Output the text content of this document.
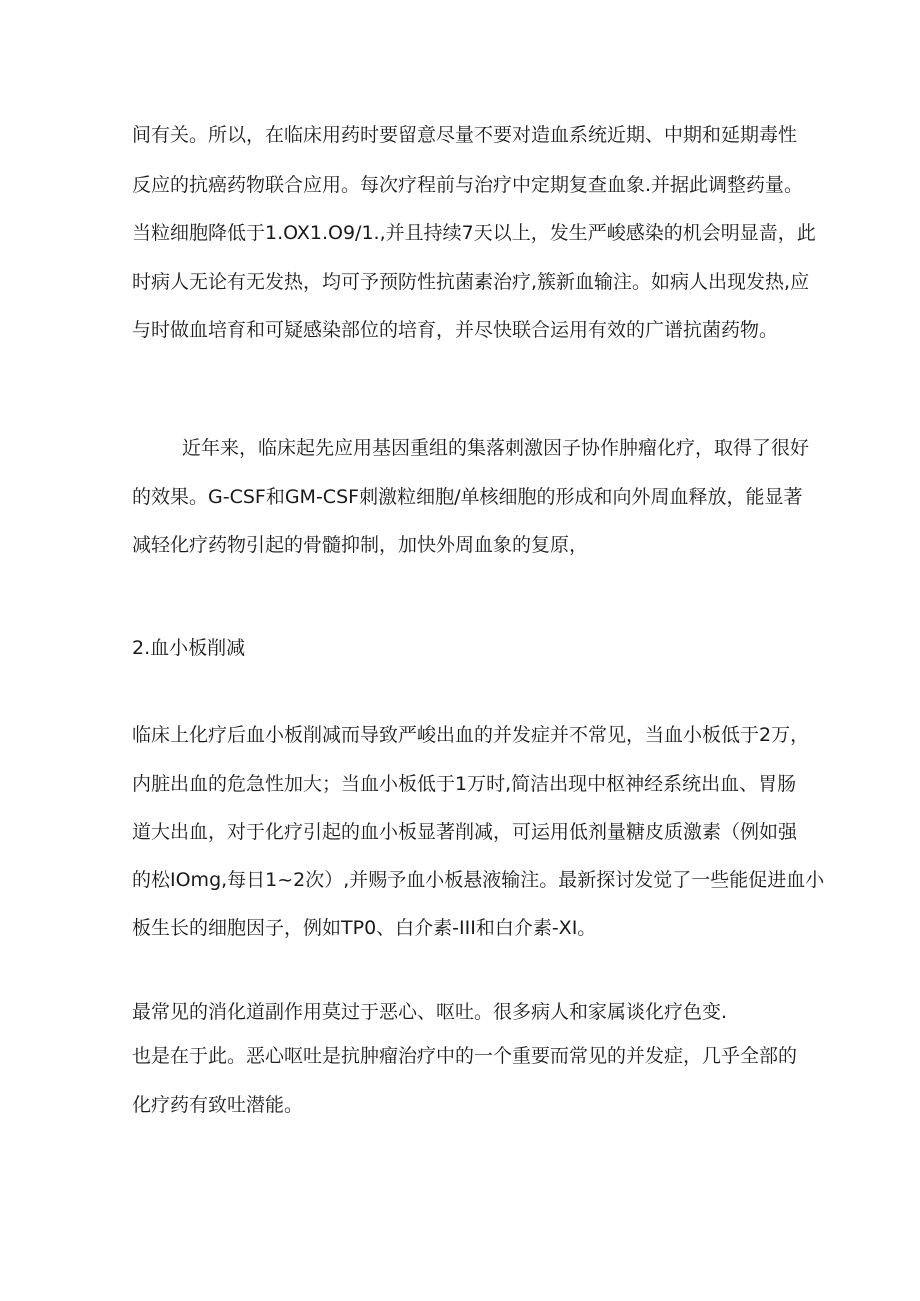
间有关。所以，在临床用药时要留意尽量不要对造血系统近期、中期和延期毒性
反应的抗癌药物联合应用。每次疗程前与治疗中定期复查血象.并据此调整药量。
当粒细胞降低于1.OX1.O9/1.,并且持续7天以上，发生严峻感染的机会明显啬，此
时病人无论有无发热，均可予预防性抗菌素治疗,簇新血输注。如病人出现发热,应
与时做血培育和可疑感染部位的培育，并尽快联合运用有效的广谱抗菌药物。
近年来，临床起先应用基因重组的集落刺激因子协作肿瘤化疗，取得了很好
的效果。G-CSF和GM-CSF刺激粒细胞/单核细胞的形成和向外周血释放，能显著
减轻化疗药物引起的骨髓抑制，加快外周血象的复原，
2.血小板削减
临床上化疗后血小板削减而导致严峻出血的并发症并不常见，当血小板低于2万，
内脏出血的危急性加大；当血小板低于1万时,简洁出现中枢神经系统出血、胃肠
道大出血，对于化疗引起的血小板显著削减，可运用低剂量糖皮质激素（例如强
的松IOmg,每日1~2次）,并赐予血小板悬液输注。最新探讨发觉了一些能促进血小
板生长的细胞因子，例如TP0、白介素-III和白介素-XI。
最常见的消化道副作用莫过于恶心、呕吐。很多病人和家属谈化疗色变.
也是在于此。恶心呕吐是抗肿瘤治疗中的一个重要而常见的并发症，几乎全部的
化疗药有致吐潜能。
